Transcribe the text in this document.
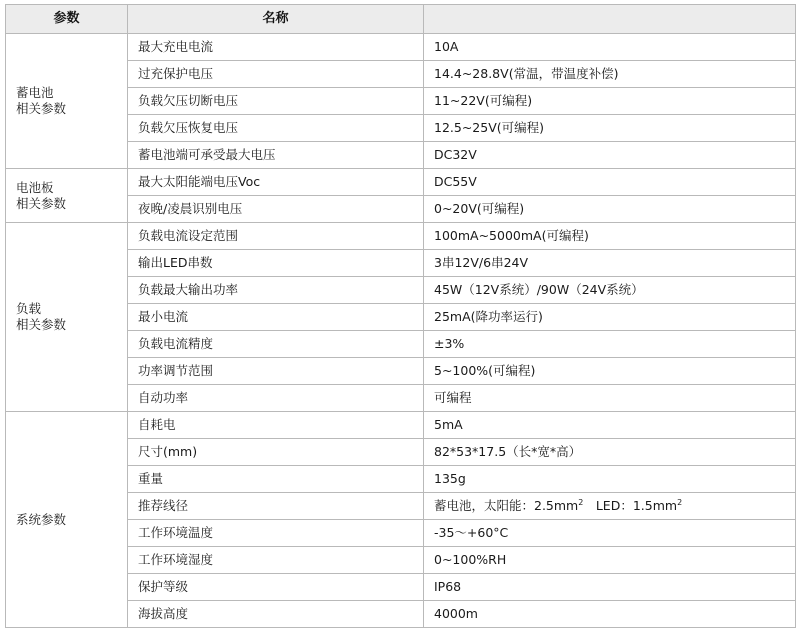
参数	名称	
蓄电池
相关参数	最大充电电流	10A
	过充保护电压	14.4~28.8V(常温，带温度补偿)
	负载欠压切断电压	11~22V(可编程)
	负载欠压恢复电压	12.5~25V(可编程)
	蓄电池端可承受最大电压	DC32V
电池板
相关参数	最大太阳能端电压Voc	DC55V
	夜晚/凌晨识别电压	0~20V(可编程)
负载
相关参数	负载电流设定范围	100mA~5000mA(可编程)
	输出LED串数	3串12V/6串24V
	负载最大输出功率	45W（12V系统）/90W（24V系统）
	最小电流	25mA(降功率运行)
	负载电流精度	±3%
	功率调节范围	5~100%(可编程)
	自动功率	可编程
系统参数	自耗电	5mA
	尺寸(mm)	82*53*17.5（长*宽*高）
	重量	135g
	推荐线径	蓄电池，太阳能：$2.5mm^2$　LED：$1.5mm^2$
	工作环境温度	-35～+60°C
	工作环境湿度	0~100%RH
	保护等级	IP68
	海拔高度	4000m
